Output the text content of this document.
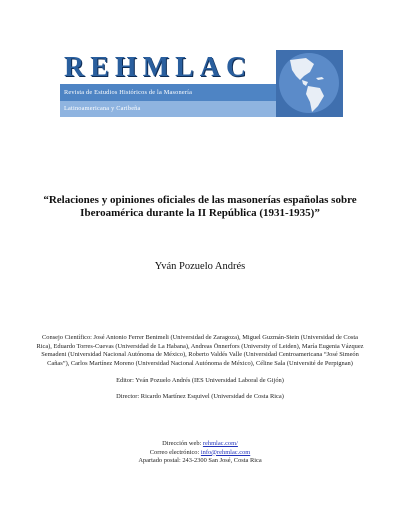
REHMLAC
Revista de Estudios Históricos de la Masonería
Latinoamericana y Caribeña
“Relaciones y opiniones oficiales de las masonerías españolas sobre
Iberoamérica durante la II República (1931-1935)”
Yván Pozuelo Andrés
Consejo Científico: José Antonio Ferrer Benimeli (Universidad de Zaragoza), Miguel Guzmán-Stein (Universidad de Costa Rica), Eduardo Torres-Cuevas (Universidad de La Habana), Andreas Önnerfors (University of Leiden), María Eugenia Vázquez Semadeni (Universidad Nacional Autónoma de México), Roberto Valdés Valle (Universidad Centroamericana “José Simeón Cañas”), Carlos Martínez Moreno (Universidad Nacional Autónoma de México), Céline Sala (Université de Perpignan)
Editor: Yván Pozuelo Andrés (IES Universidad Laboral de Gijón)
Director: Ricardo Martínez Esquivel (Universidad de Costa Rica)
Dirección web: rehmlac.com/
Correo electrónico: info@rehmlac.com
Apartado postal: 243-2300 San José, Costa Rica
